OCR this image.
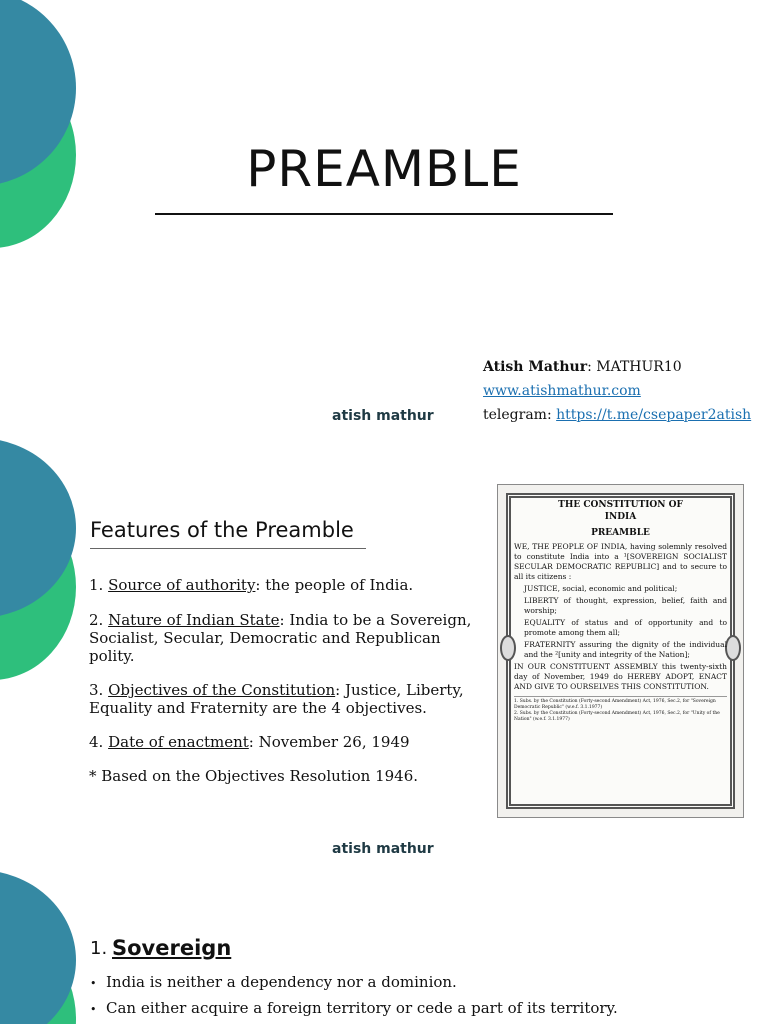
PREAMBLE
atish mathur
Atish Mathur: MATHUR10
www.atishmathur.com
telegram: https://t.me/csepaper2atish
Features of the Preamble
1. Source of authority: the people of India.
2. Nature of Indian State: India to be a Sovereign, Socialist, Secular, Democratic and Republican polity.
3. Objectives of the Constitution: Justice, Liberty, Equality and Fraternity are the 4 objectives.
4. Date of enactment: November 26, 1949
* Based on the Objectives Resolution 1946.
THE CONSTITUTION OF
INDIA
PREAMBLE
WE, THE PEOPLE OF INDIA, having solemnly resolved to constitute India into a ¹[SOVEREIGN SOCIALIST SECULAR DEMOCRATIC REPUBLIC] and to secure to all its citizens :
JUSTICE, social, economic and political;
LIBERTY of thought, expression, belief, faith and worship;
EQUALITY of status and of opportunity and to promote among them all;
FRATERNITY assuring the dignity of the individual and the ²[unity and integrity of the Nation];
IN OUR CONSTITUENT ASSEMBLY this twenty-sixth day of November, 1949 do HEREBY ADOPT, ENACT AND GIVE TO OURSELVES THIS CONSTITUTION.
1. Subs. by the Constitution (Forty-second Amendment) Act, 1976, Sec.2, for "Sovereign Democratic Republic" (w.e.f. 3.1.1977)
2. Subs. by the Constitution (Forty-second Amendment) Act, 1976, Sec.2, for "Unity of the Nation" (w.e.f. 3.1.1977)
atish mathur
1. Sovereign
• India is neither a dependency nor a dominion.
• Can either acquire a foreign territory or cede a part of its territory.
